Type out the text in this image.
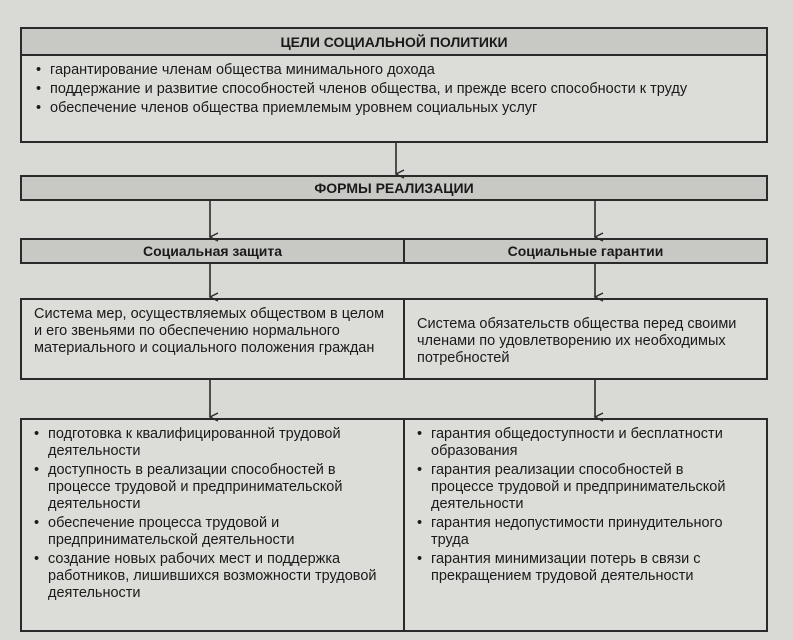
ЦЕЛИ СОЦИАЛЬНОЙ ПОЛИТИКИ
• гарантирование членам общества минимального дохода
• поддержание и развитие способностей членов общества, и прежде всего способности к труду
• обеспечение членов общества приемлемым уровнем социальных услуг
ФОРМЫ РЕАЛИЗАЦИИ
Социальная защита	Социальные гарантии
Система мер, осуществляемых обществом в целом и его звеньями по обеспечению нормального материального и социального положения граждан
Система обязательств общества перед своими членами по удовлетворению их необходимых потребностей
• подготовка к квалифицированной трудовой деятельности
• доступность в реализации способностей в процессе трудовой и предпринимательской деятельности
• обеспечение процесса трудовой и предпринимательской деятельности
• создание новых рабочих мест и поддержка работников, лишившихся возможности трудовой деятельности
• гарантия общедоступности и бесплатности образования
• гарантия реализации способностей в процессе трудовой и предпринимательской деятельности
• гарантия недопустимости принудительного труда
• гарантия минимизации потерь в связи с прекращением трудовой деятельности
